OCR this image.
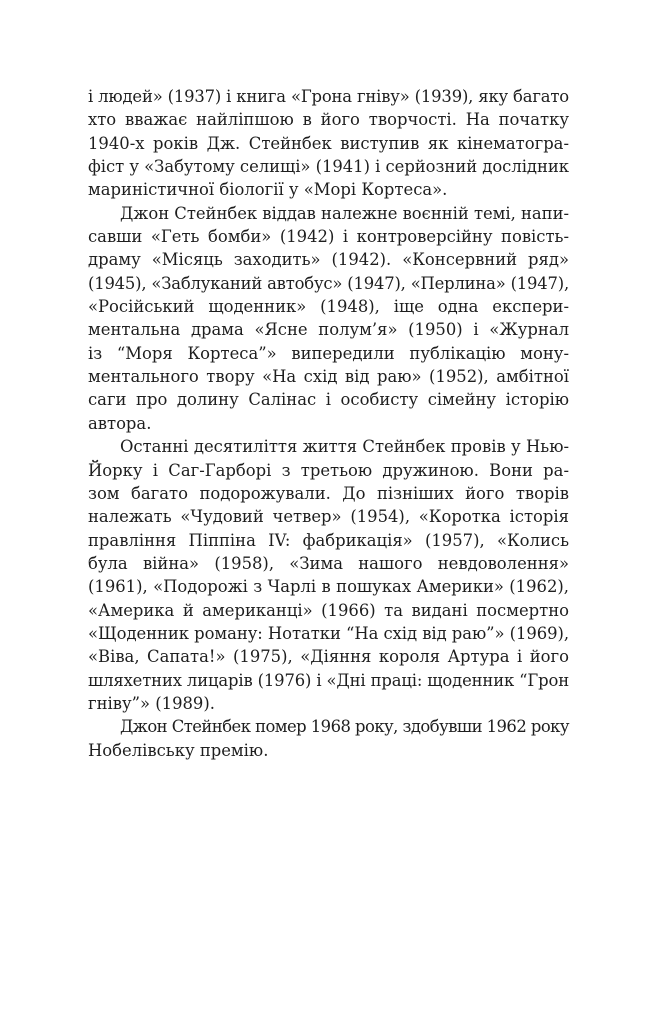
і людей» (1937) і книга «Грона гніву» (1939), яку багато
хто вважає найліпшою в його творчості. На початку
1940-х років Дж. Стейнбек виступив як кінематогра-
фіст у «Забутому селищі» (1941) і серйозний дослідник
мариністичної біології у «Морі Кортеса».

Джон Стейнбек віддав належне воєнній темі, напи-
савши «Геть бомби» (1942) і контроверсійну повість-
драму «Місяць заходить» (1942). «Консервний ряд»
(1945), «Заблуканий автобус» (1947), «Перлина» (1947),
«Російський щоденник» (1948), іще одна експери-
ментальна драма «Ясне полум’я» (1950) і «Журнал
із “Моря Кортеса”» випередили публікацію мону-
ментального твору «На схід від раю» (1952), амбітної
саги про долину Салінас і особисту сімейну історію
автора.

Останні десятиліття життя Стейнбек провів у Нью-
Йорку і Саг-Гарборі з третьою дружиною. Вони ра-
зом багато подорожували. До пізніших його творів
належать «Чудовий четвер» (1954), «Коротка історія
правління Піппіна IV: фабрикація» (1957), «Колись
була війна» (1958), «Зима нашого невдоволення»
(1961), «Подорожі з Чарлі в пошуках Америки» (1962),
«Америка й американці» (1966) та видані посмертно
«Щоденник роману: Нотатки “На схід від раю”» (1969),
«Віва, Сапата!» (1975), «Діяння короля Артура і його
шляхетних лицарів (1976) і «Дні праці: щоденник “Грон
гніву”» (1989).

Джон Стейнбек помер 1968 року, здобувши 1962 року
Нобелівську премію.
